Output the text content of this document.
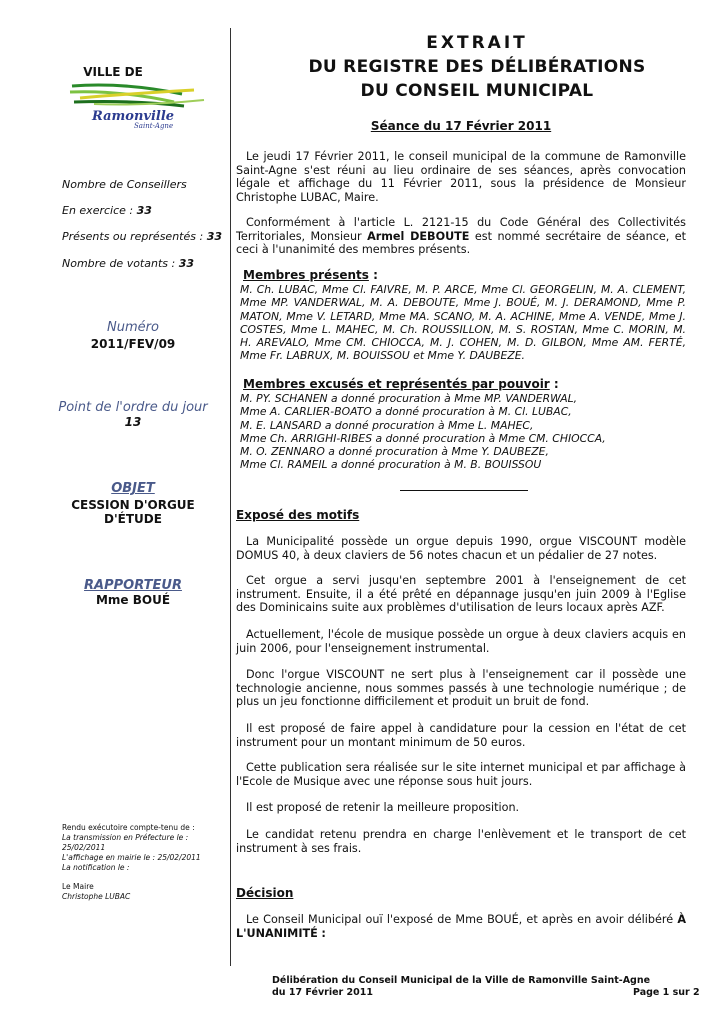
VILLE DE
Ramonville
Saint-Agne
Nombre de Conseillers
En exercice : 33
Présents ou représentés : 33
Nombre de votants : 33
Numéro
2011/FEV/09
Point de l'ordre du jour
13
OBJET
CESSION D'ORGUE
D'ÉTUDE
RAPPORTEUR
Mme BOUÉ
Rendu exécutoire compte-tenu de :
La transmission en Préfecture le : 25/02/2011
L'affichage en mairie le : 25/02/2011
La notification le :
Le Maire
Christophe LUBAC
EXTRAIT
DU REGISTRE DES DÉLIBÉRATIONS
DU CONSEIL MUNICIPAL
Séance du 17 Février 2011
Le jeudi 17 Février 2011, le conseil municipal de la commune de Ramonville Saint-Agne s'est réuni au lieu ordinaire de ses séances, après convocation légale et affichage du 11 Février 2011, sous la présidence de Monsieur Christophe LUBAC, Maire.
Conformément à l'article L. 2121-15 du Code Général des Collectivités Territoriales, Monsieur Armel DEBOUTE est nommé secrétaire de séance, et ceci à l'unanimité des membres présents.
Membres présents :
M. Ch. LUBAC, Mme Cl. FAIVRE, M. P. ARCE, Mme Cl. GEORGELIN, M. A. CLEMENT, Mme MP. VANDERWAL, M. A. DEBOUTE, Mme J. BOUÉ, M. J. DERAMOND, Mme P. MATON, Mme V. LETARD, Mme MA. SCANO, M. A. ACHINE, Mme A. VENDE, Mme J. COSTES, Mme L. MAHEC, M. Ch. ROUSSILLON, M. S. ROSTAN, Mme C. MORIN, M. H. AREVALO, Mme CM. CHIOCCA, M. J. COHEN, M. D. GILBON, Mme AM. FERTÉ, Mme Fr. LABRUX, M. BOUISSOU et Mme Y. DAUBEZE.
Membres excusés et représentés par pouvoir :
M. PY. SCHANEN a donné procuration à Mme MP. VANDERWAL,
Mme A. CARLIER-BOATO a donné procuration à M. Cl. LUBAC,
M. E. LANSARD a donné procuration à Mme L. MAHEC,
Mme Ch. ARRIGHI-RIBES a donné procuration à Mme CM. CHIOCCA,
M. O. ZENNARO a donné procuration à Mme Y. DAUBEZE,
Mme Cl. RAMEIL a donné procuration à M. B. BOUISSOU
Exposé des motifs
La Municipalité possède un orgue depuis 1990, orgue VISCOUNT modèle DOMUS 40, à deux claviers de 56 notes chacun et un pédalier de 27 notes.
Cet orgue a servi jusqu'en septembre 2001 à l'enseignement de cet instrument. Ensuite, il a été prêté en dépannage jusqu'en juin 2009 à l'Eglise des Dominicains suite aux problèmes d'utilisation de leurs locaux après AZF.
Actuellement, l'école de musique possède un orgue à deux claviers acquis en juin 2006, pour l'enseignement instrumental.
Donc l'orgue VISCOUNT ne sert plus à l'enseignement car il possède une technologie ancienne, nous sommes passés à une technologie numérique ; de plus un jeu fonctionne difficilement et produit un bruit de fond.
Il est proposé de faire appel à candidature pour la cession en l'état de cet instrument pour un montant minimum de 50 euros.
Cette publication sera réalisée sur le site internet municipal et par affichage à l'Ecole de Musique avec une réponse sous huit jours.
Il est proposé de retenir la meilleure proposition.
Le candidat retenu prendra en charge l'enlèvement et le transport de cet instrument à ses frais.
Décision
Le Conseil Municipal ouï l'exposé de Mme BOUÉ, et après en avoir délibéré À L'UNANIMITÉ :
Délibération du Conseil Municipal de la Ville de Ramonville Saint-Agne
du 17 Février 2011	Page 1 sur 2
